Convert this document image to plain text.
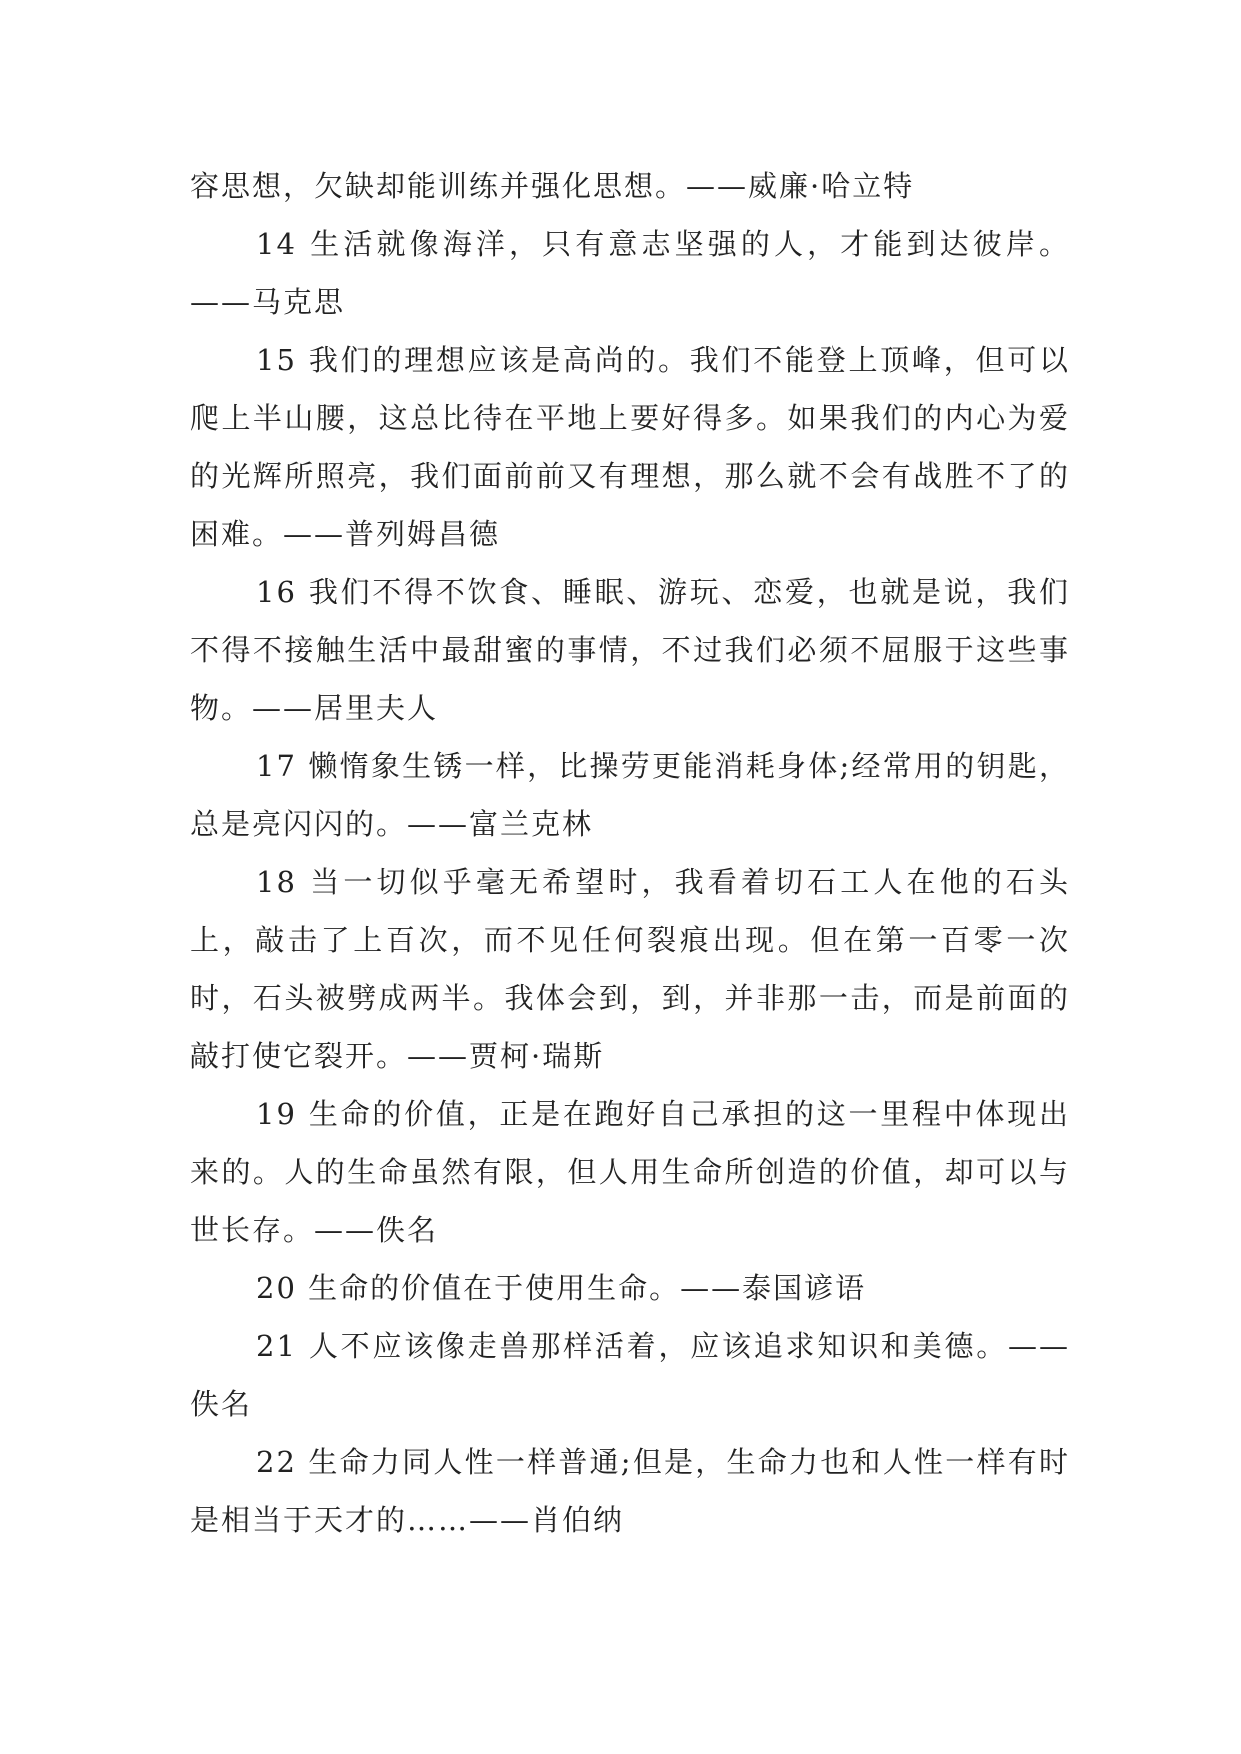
容思想，欠缺却能训练并强化思想。——威廉·哈立特

14 生活就像海洋，只有意志坚强的人，才能到达彼岸。——马克思

15 我们的理想应该是高尚的。我们不能登上顶峰，但可以爬上半山腰，这总比待在平地上要好得多。如果我们的内心为爱的光辉所照亮，我们面前前又有理想，那么就不会有战胜不了的困难。——普列姆昌德

16 我们不得不饮食、睡眠、游玩、恋爱，也就是说，我们不得不接触生活中最甜蜜的事情，不过我们必须不屈服于这些事物。——居里夫人

17 懒惰象生锈一样，比操劳更能消耗身体;经常用的钥匙，总是亮闪闪的。——富兰克林

18 当一切似乎毫无希望时，我看着切石工人在他的石头上，敲击了上百次，而不见任何裂痕出现。但在第一百零一次时，石头被劈成两半。我体会到，到，并非那一击，而是前面的敲打使它裂开。——贾柯·瑞斯

19 生命的价值，正是在跑好自己承担的这一里程中体现出来的。人的生命虽然有限，但人用生命所创造的价值，却可以与世长存。——佚名

20 生命的价值在于使用生命。——泰国谚语

21 人不应该像走兽那样活着，应该追求知识和美德。——佚名

22 生命力同人性一样普通;但是，生命力也和人性一样有时是相当于天才的……——肖伯纳
